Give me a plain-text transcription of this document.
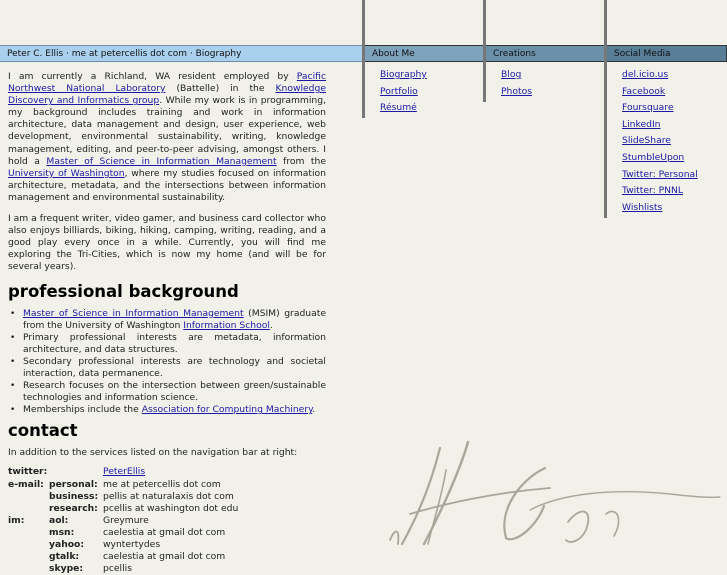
Peter C. Ellis · me at petercellis dot com · Biography	About Me	Creations	Social Media
Biography
Portfolio
Résumé
Blog
Photos
del.icio.us
Facebook
Foursquare
LinkedIn
SlideShare
StumbleUpon
Twitter: Personal
Twitter: PNNL
Wishlists

I am currently a Richland, WA resident employed by Pacific Northwest National Laboratory (Battelle) in the Knowledge Discovery and Informatics group. While my work is in programming, my background includes training and work in information architecture, data management and design, user experience, web development, environmental sustainability, writing, knowledge management, editing, and peer-to-peer advising, amongst others. I hold a Master of Science in Information Management from the University of Washington, where my studies focused on information architecture, metadata, and the intersections between information management and environmental sustainability.

I am a frequent writer, video gamer, and business card collector who also enjoys billiards, biking, hiking, camping, writing, reading, and a good play every once in a while. Currently, you will find me exploring the Tri-Cities, which is now my home (and will be for several years).

professional background
• Master of Science in Information Management (MSIM) graduate from the University of Washington Information School.
• Primary professional interests are metadata, information architecture, and data structures.
• Secondary professional interests are technology and societal interaction, data permanence.
• Research focuses on the intersection between green/sustainable technologies and information science.
• Memberships include the Association for Computing Machinery.
contact
In addition to the services listed on the navigation bar at right:
twitter:		PeterEllis
e-mail:	personal:	me at petercellis dot com
	business:	pellis at naturalaxis dot com
	research:	pcellis at washington dot edu
im:	aol:	Greymure
	msn:	caelestia at gmail dot com
	yahoo:	wyntertydes
	gtalk:	caelestia at gmail dot com
	skype:	pcellis
